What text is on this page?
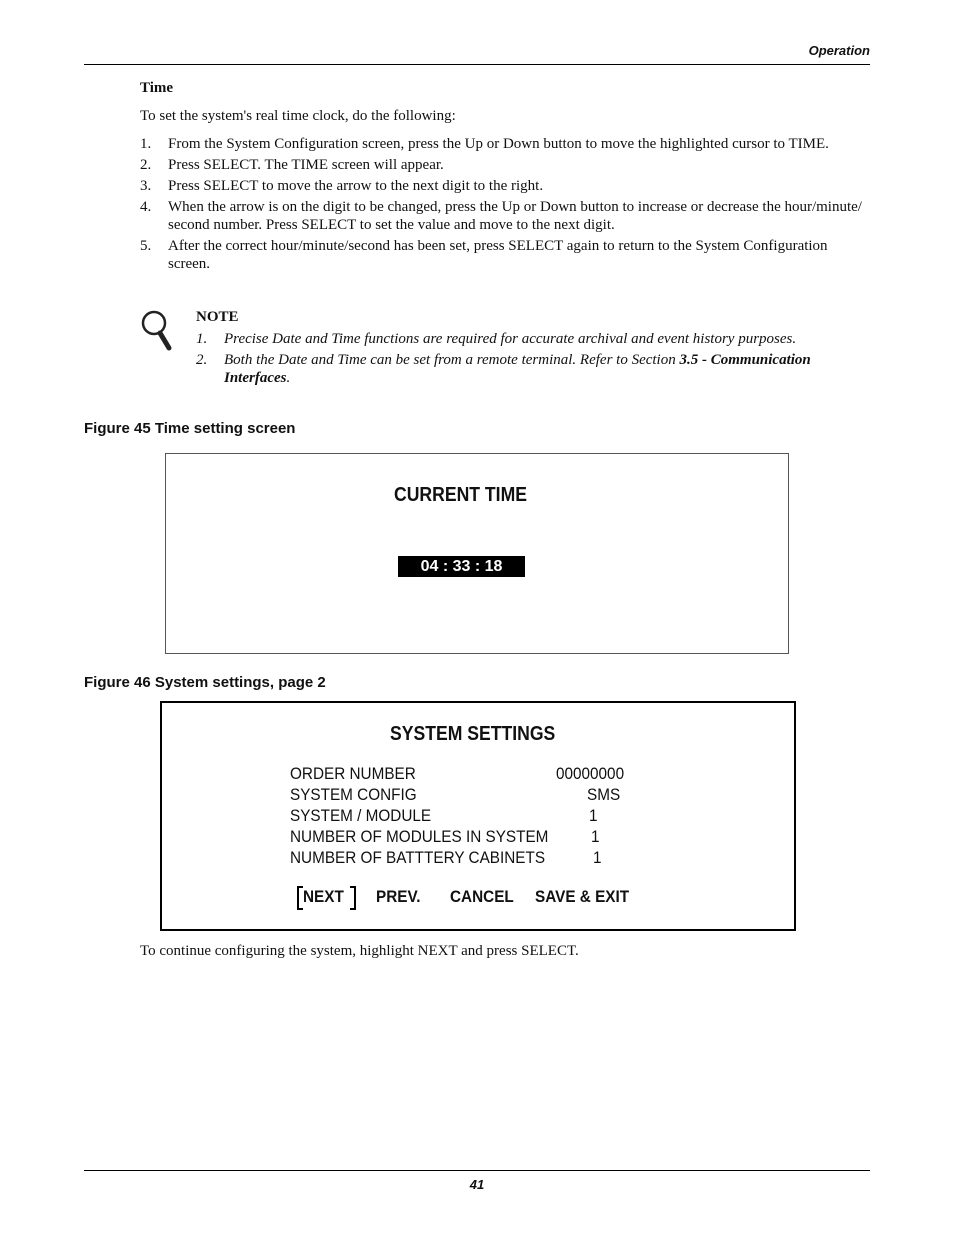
Operation
Time
To set the system's real time clock, do the following:
1. From the System Configuration screen, press the Up or Down button to move the highlighted cursor to TIME.
2. Press SELECT. The TIME screen will appear.
3. Press SELECT to move the arrow to the next digit to the right.
4. When the arrow is on the digit to be changed, press the Up or Down button to increase or decrease the hour/minute/ second number. Press SELECT to set the value and move to the next digit.
5. After the correct hour/minute/second has been set, press SELECT again to return to the System Configuration screen.
NOTE
1. Precise Date and Time functions are required for accurate archival and event history purposes.
2. Both the Date and Time can be set from a remote terminal. Refer to Section 3.5 - Communication Interfaces.
Figure 45 Time setting screen
CURRENT TIME
04 : 33 : 18
Figure 46 System settings, page 2
SYSTEM SETTINGS
ORDER NUMBER	00000000
SYSTEM CONFIG	SMS
SYSTEM / MODULE	1
NUMBER OF MODULES IN SYSTEM	1
NUMBER OF BATTTERY CABINETS	1
NEXT PREV. CANCEL SAVE & EXIT
To continue configuring the system, highlight NEXT and press SELECT.
41
